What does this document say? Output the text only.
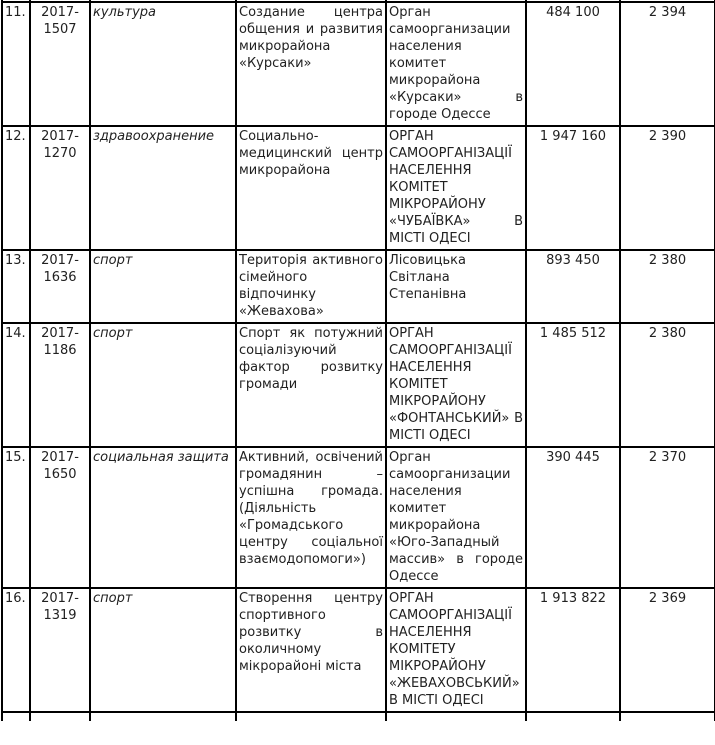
11.	2017-1507	культура	Создание центра общения и развития микрорайона «Курсаки»	Орган самоорганизации населения комитет микрорайона «Курсаки» в городе Одессе	484 100	2 394
12.	2017-1270	здравоохранение	Социально-медицинский центр микрорайона	ОРГАН САМООРГАНІЗАЦІЇ НАСЕЛЕННЯ КОМІТЕТ МІКРОРАЙОНУ «ЧУБАЇВКА» В МІСТІ ОДЕСІ	1 947 160	2 390
13.	2017-1636	спорт	Територія активного сімейного відпочинку «Жевахова»	Лісовицька Світлана Степанівна	893 450	2 380
14.	2017-1186	спорт	Спорт як потужний соціалізуючий фактор розвитку громади	ОРГАН САМООРГАНІЗАЦІЇ НАСЕЛЕННЯ КОМІТЕТ МІКРОРАЙОНУ «ФОНТАНСЬКИЙ» В МІСТІ ОДЕСІ	1 485 512	2 380
15.	2017-1650	социальная защита	Активний, освічений громадянин – успішна громада. (Діяльність «Громадського центру соціальної взаємодопомоги»)	Орган самоорганизации населения комитет микрорайона «Юго-Западный массив» в городе Одессе	390 445	2 370
16.	2017-1319	спорт	Створення центру спортивного розвитку в околичному мікрорайоні міста	ОРГАН САМООРГАНІЗАЦІЇ НАСЕЛЕННЯ КОМІТЕТУ МІКРОРАЙОНУ «ЖЕВАХОВСЬКИЙ» В МІСТІ ОДЕСІ	1 913 822	2 369
